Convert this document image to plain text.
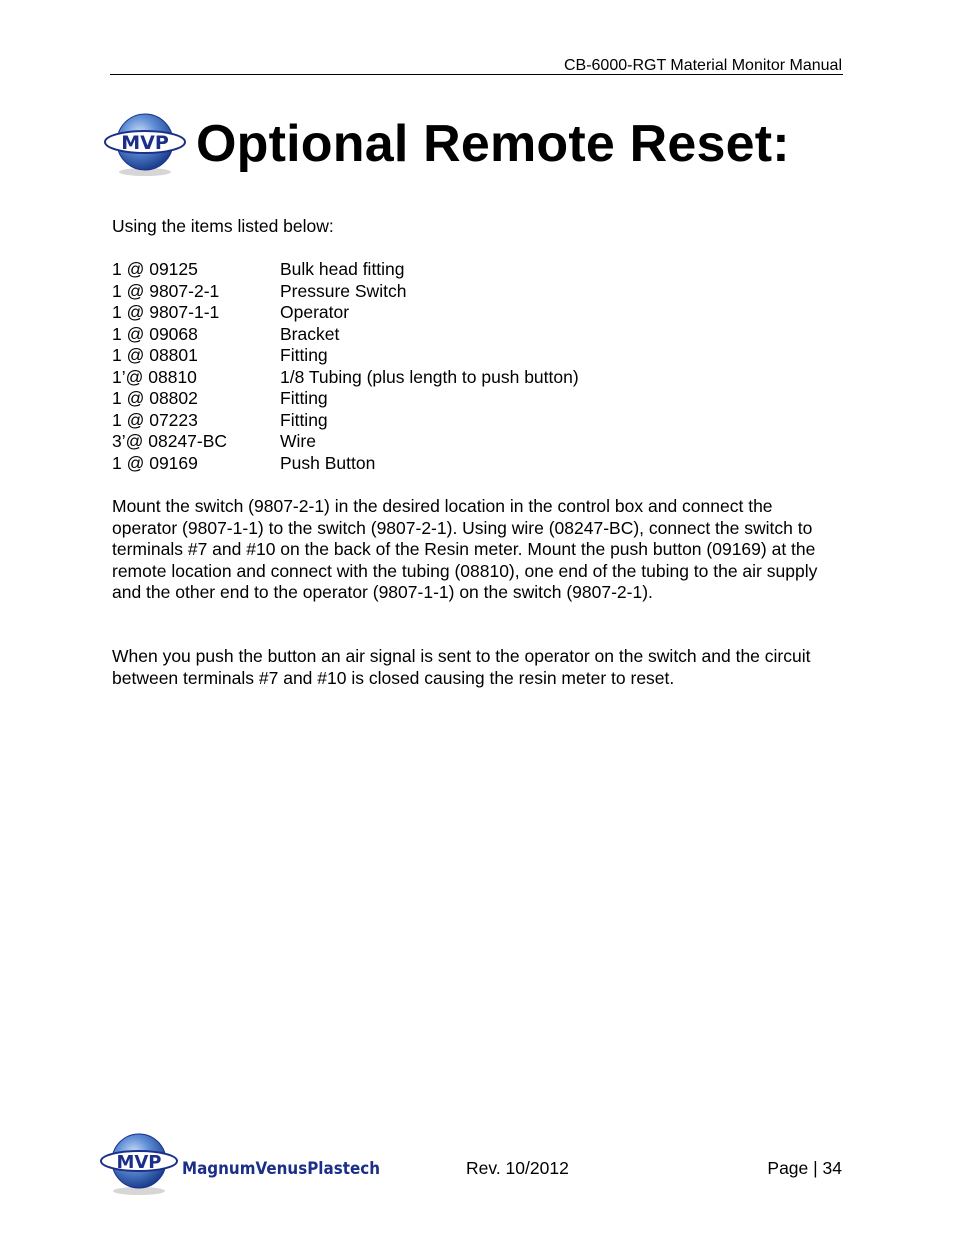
CB-6000-RGT Material Monitor Manual
MVP Optional Remote Reset:
Using the items listed below:
1 @ 09125	Bulk head fitting
1 @ 9807-2-1	Pressure Switch
1 @ 9807-1-1	Operator
1 @ 09068	Bracket
1 @ 08801	Fitting
1’@ 08810	1/8 Tubing (plus length to push button)
1 @ 08802	Fitting
1 @ 07223	Fitting
3’@ 08247-BC	Wire
1 @ 09169	Push Button

Mount the switch (9807-2-1) in the desired location in the control box and connect the operator (9807-1-1) to the switch (9807-2-1). Using wire (08247-BC), connect the switch to terminals #7 and #10 on the back of the Resin meter. Mount the push button (09169) at the remote location and connect with the tubing (08810), one end of the tubing to the air supply and the other end to the operator (9807-1-1) on the switch (9807-2-1).

When you push the button an air signal is sent to the operator on the switch and the circuit between terminals #7 and #10 is closed causing the resin meter to reset.

MVP MagnumVenusPlastech	Rev. 10/2012	Page | 34
